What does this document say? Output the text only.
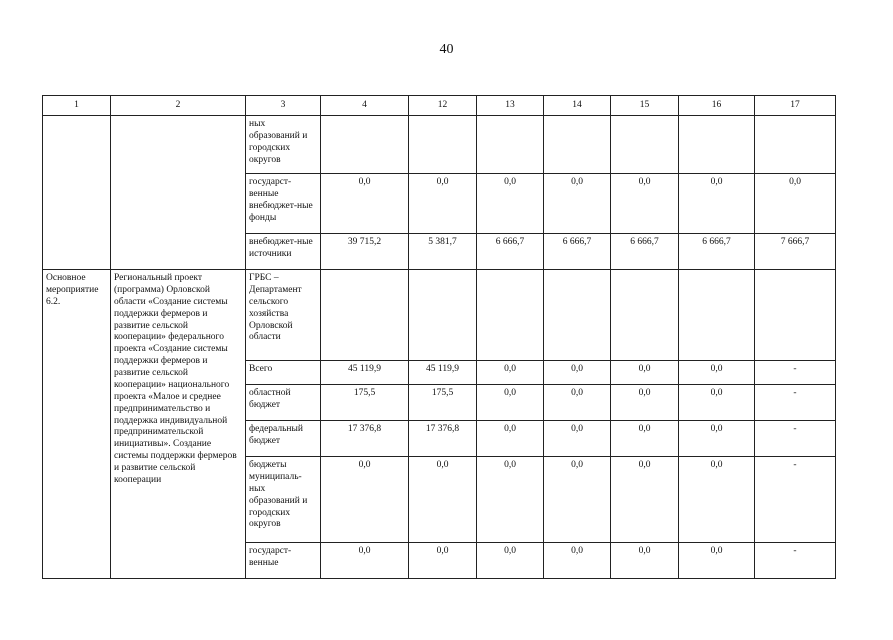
40
1	2	3	4	12	13	14	15	16	17
		ных образований и городских округов							
		государст-венные внебюджет-ные фонды	0,0	0,0	0,0	0,0	0,0	0,0	0,0
		внебюджет-ные источники	39 715,2	5 381,7	6 666,7	6 666,7	6 666,7	6 666,7	7 666,7
Основное мероприятие 6.2.	Региональный проект (программа) Орловской области «Создание системы поддержки фермеров и развитие сельской кооперации» федерального проекта «Создание системы поддержки фермеров и развитие сельской кооперации» национального проекта «Малое и среднее предпринимательство и поддержка индивидуальной предпринимательской инициативы». Создание системы поддержки фермеров и развитие сельской кооперации	ГРБС – Департамент сельского хозяйства Орловской области							
		Всего	45 119,9	45 119,9	0,0	0,0	0,0	0,0	-
		областной бюджет	175,5	175,5	0,0	0,0	0,0	0,0	-
		федеральный бюджет	17 376,8	17 376,8	0,0	0,0	0,0	0,0	-
		бюджеты муниципаль-ных образований и городских округов	0,0	0,0	0,0	0,0	0,0	0,0	-
		государст-венные	0,0	0,0	0,0	0,0	0,0	0,0	-
